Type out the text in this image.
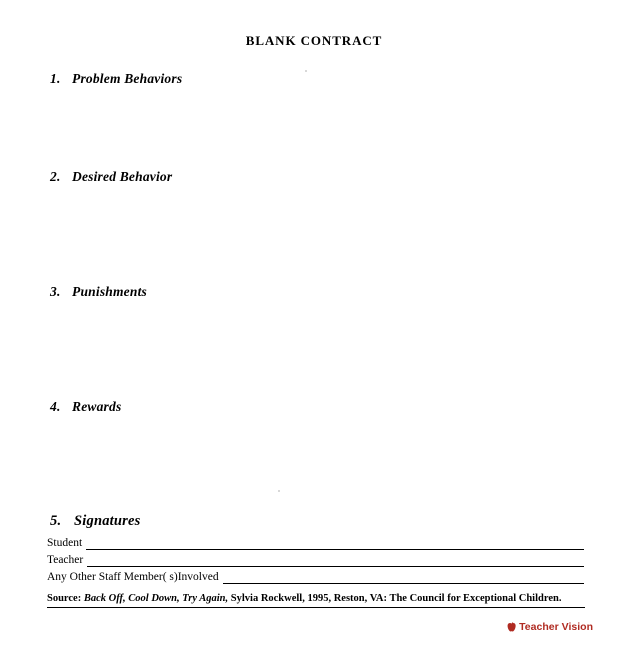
BLANK CONTRACT
1. Problem Behaviors
2. Desired Behavior
3. Punishments
4. Rewards
5. Signatures
Student
Teacher
Any Other Staff Member( s)Involved
Source: Back Off, Cool Down, Try Again, Sylvia Rockwell, 1995, Reston, VA: The Council for Exceptional Children.
Teacher Vision
